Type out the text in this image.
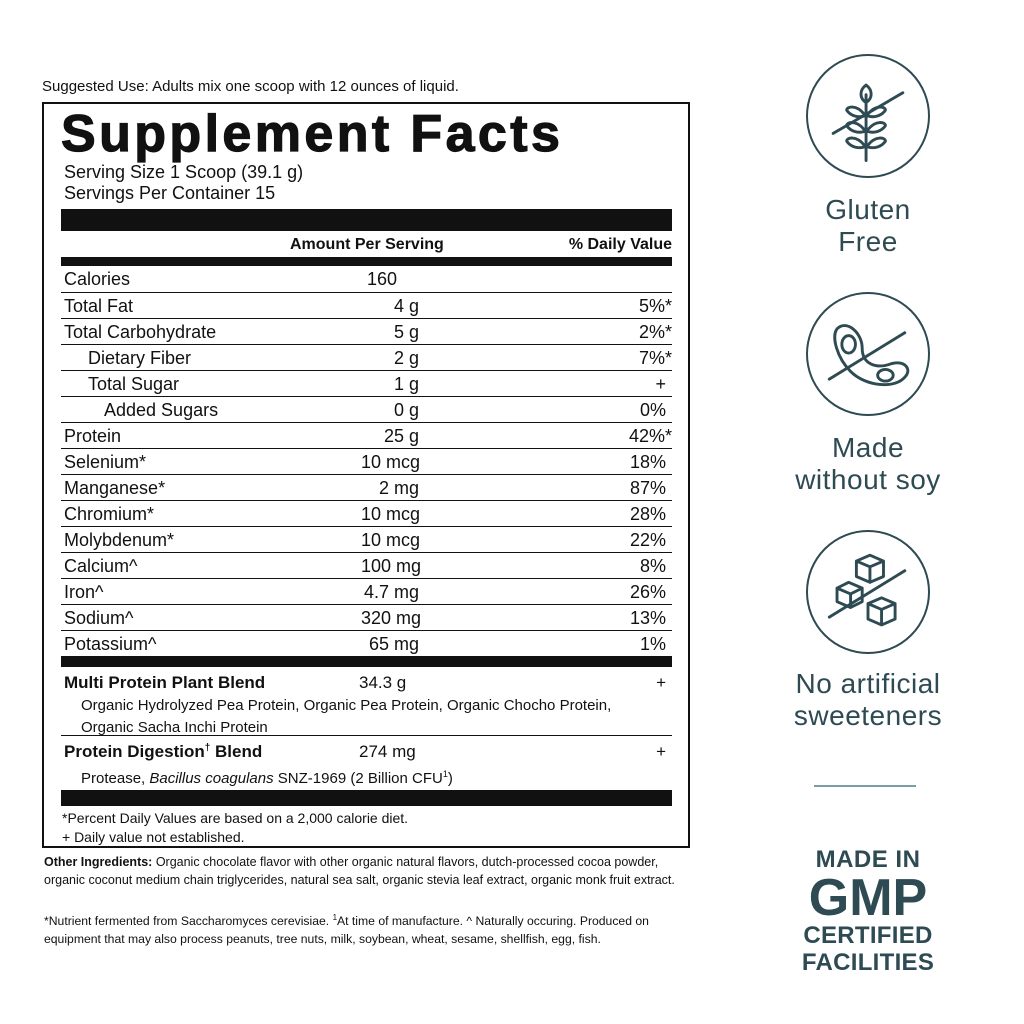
Suggested Use: Adults mix one scoop with 12 ounces of liquid.
Supplement Facts
Serving Size 1 Scoop (39.1 g)
Servings Per Container 15
Amount Per Serving	% Daily Value
Calories	160
Total Fat	4 g	5%*
Total Carbohydrate	5 g	2%*
Dietary Fiber	2 g	7%*
Total Sugar	1 g	+
Added Sugars	0 g	0%
Protein	25 g	42%*
Selenium*	10 mcg	18%
Manganese*	2 mg	87%
Chromium*	10 mcg	28%
Molybdenum*	10 mcg	22%
Calcium^	100 mg	8%
Iron^	4.7 mg	26%
Sodium^	320 mg	13%
Potassium^	65 mg	1%
Multi Protein Plant Blend	34.3 g	+
Organic Hydrolyzed Pea Protein, Organic Pea Protein, Organic Chocho Protein,
Organic Sacha Inchi Protein
Protein Digestion† Blend	274 mg	+
Protease, Bacillus coagulans SNZ-1969 (2 Billion CFU$^1$)
*Percent Daily Values are based on a 2,000 calorie diet.
+ Daily value not established.
Other Ingredients: Organic chocolate flavor with other organic natural flavors, dutch-processed cocoa powder, organic coconut medium chain triglycerides, natural sea salt, organic stevia leaf extract, organic monk fruit extract.
*Nutrient fermented from Saccharomyces cerevisiae. $^1$At time of manufacture. ^ Naturally occuring. Produced on equipment that may also process peanuts, tree nuts, milk, soybean, wheat, sesame, shellfish, egg, fish.
Gluten
Free
Made
without soy
No artificial
sweeteners
MADE IN
GMP
CERTIFIED
FACILITIES
